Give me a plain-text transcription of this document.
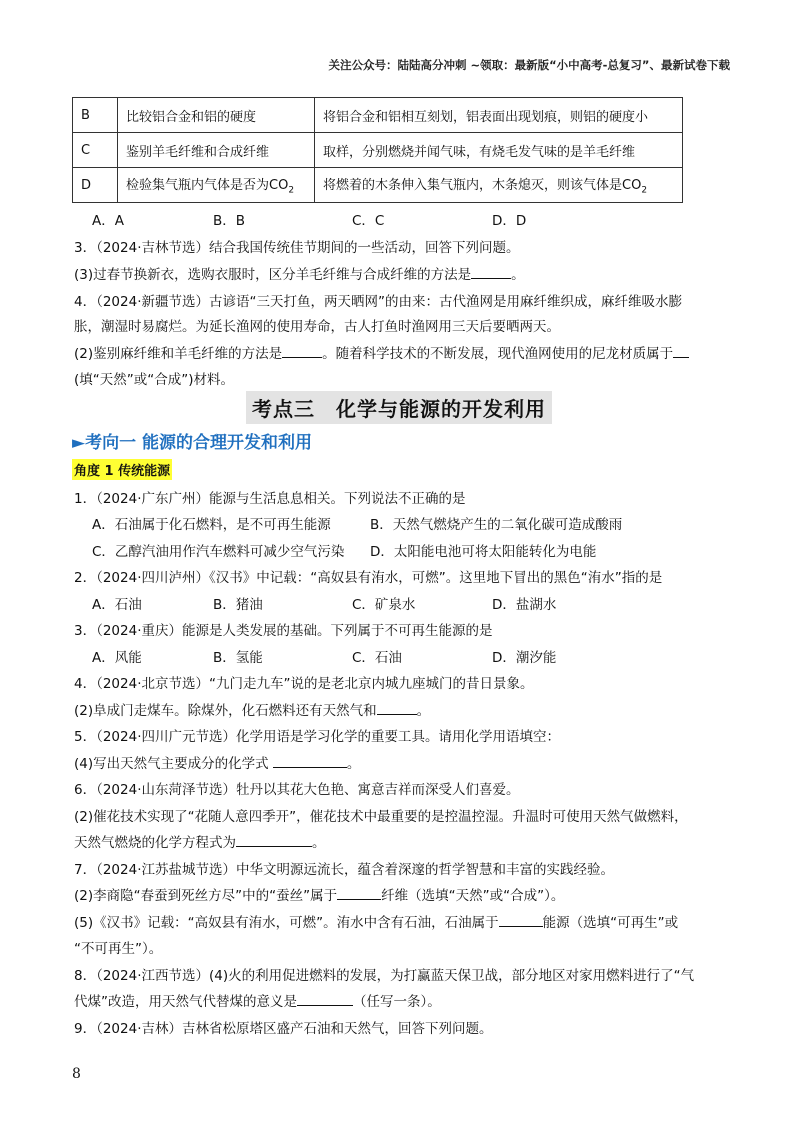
关注公众号：陆陆高分冲刺 ~领取：最新版“小中高考-总复习”、最新试卷下载
B	比较铝合金和铝的硬度	将铝合金和铝相互刻划，铝表面出现划痕，则铝的硬度小
C	鉴别羊毛纤维和合成纤维	取样，分别燃烧并闻气味，有烧毛发气味的是羊毛纤维
D	检验集气瓶内气体是否为$CO_2$	将燃着的木条伸入集气瓶内，木条熄灭，则该气体是$CO_2$
A．A	B．B	C．C	D．D
3．（2024·吉林节选）结合我国传统佳节期间的一些活动，回答下列问题。
(3)过春节换新衣，选购衣服时，区分羊毛纤维与合成纤维的方法是	。
4．（2024·新疆节选）古谚语“三天打鱼，两天晒网”的由来：古代渔网是用麻纤维织成，麻纤维吸水膨
胀，潮湿时易腐烂。为延长渔网的使用寿命，古人打鱼时渔网用三天后要晒两天。
(2)鉴别麻纤维和羊毛纤维的方法是	。随着科学技术的不断发展，现代渔网使用的尼龙材质属于
(填“天然”或“合成”)材料。
考点三　化学与能源的开发利用
►考向一 能源的合理开发和利用
角度 1 传统能源
1．（2024·广东广州）能源与生活息息相关。下列说法不正确的是
A．石油属于化石燃料，是不可再生能源	B．天然气燃烧产生的二氧化碳可造成酸雨
C．乙醇汽油用作汽车燃料可减少空气污染 D．太阳能电池可将太阳能转化为电能
2．（2024·四川泸州）《汉书》中记载：“高奴县有洧水，可燃”。这里地下冒出的黑色“洧水”指的是
A．石油	B．猪油	C．矿泉水	D．盐湖水
3．（2024·重庆）能源是人类发展的基础。下列属于不可再生能源的是
A．风能	B．氢能	C．石油	D．潮汐能
4．（2024·北京节选）“九门走九车”说的是老北京内城九座城门的昔日景象。
(2)阜成门走煤车。除煤外，化石燃料还有天然气和	。
5．（2024·四川广元节选）化学用语是学习化学的重要工具。请用化学用语填空：
(4)写出天然气主要成分的化学式	。
6．（2024·山东菏泽节选）牡丹以其花大色艳、寓意吉祥而深受人们喜爱。
(2)催花技术实现了“花随人意四季开”，催花技术中最重要的是控温控湿。升温时可使用天然气做燃料，
天然气燃烧的化学方程式为	。
7．（2024·江苏盐城节选）中华文明源远流长，蕴含着深邃的哲学智慧和丰富的实践经验。
(2)李商隐“春蚕到死丝方尽”中的“蚕丝”属于	纤维（选填“天然”或“合成”）。
(5)《汉书》记载：“高奴县有洧水，可燃”。洧水中含有石油，石油属于	能源（选填“可再生”或
“不可再生”）。
8．（2024·江西节选）(4)火的利用促进燃料的发展，为打赢蓝天保卫战，部分地区对家用燃料进行了“气
代煤”改造，用天然气代替煤的意义是	（任写一条）。
9．（2024·吉林）吉林省松原塔区盛产石油和天然气，回答下列问题。
8
